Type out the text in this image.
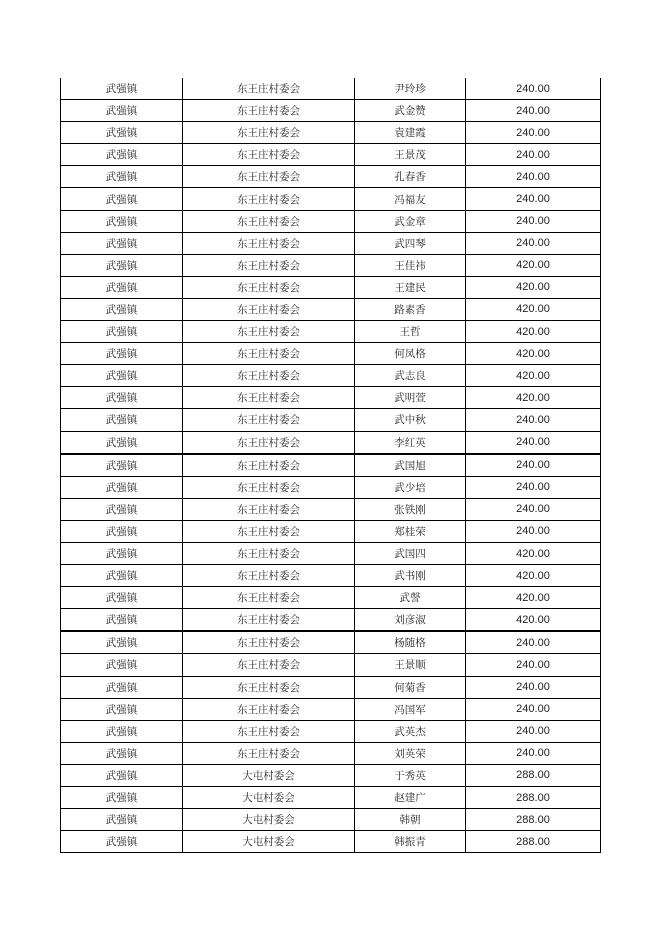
武强镇	东王庄村委会	尹玲珍	240.00
武强镇	东王庄村委会	武金赞	240.00
武强镇	东王庄村委会	袁建霞	240.00
武强镇	东王庄村委会	王景茂	240.00
武强镇	东王庄村委会	孔春香	240.00
武强镇	东王庄村委会	冯福友	240.00
武强镇	东王庄村委会	武金章	240.00
武强镇	东王庄村委会	武四琴	240.00
武强镇	东王庄村委会	王佳祎	420.00
武强镇	东王庄村委会	王建民	420.00
武强镇	东王庄村委会	路素香	420.00
武强镇	东王庄村委会	王哲	420.00
武强镇	东王庄村委会	何凤格	420.00
武强镇	东王庄村委会	武志良	420.00
武强镇	东王庄村委会	武明萱	420.00
武强镇	东王庄村委会	武中秋	240.00
武强镇	东王庄村委会	李红英	240.00
武强镇	东王庄村委会	武国旭	240.00
武强镇	东王庄村委会	武少培	240.00
武强镇	东王庄村委会	张铁刚	240.00
武强镇	东王庄村委会	郑桂荣	240.00
武强镇	东王庄村委会	武国四	420.00
武强镇	东王庄村委会	武书刚	420.00
武强镇	东王庄村委会	武謦	420.00
武强镇	东王庄村委会	刘彦淑	420.00
武强镇	东王庄村委会	杨随格	240.00
武强镇	东王庄村委会	王景顺	240.00
武强镇	东王庄村委会	何菊香	240.00
武强镇	东王庄村委会	冯国军	240.00
武强镇	东王庄村委会	武英杰	240.00
武强镇	东王庄村委会	刘英荣	240.00
武强镇	大屯村委会	于秀英	288.00
武强镇	大屯村委会	赵建广	288.00
武强镇	大屯村委会	韩朝	288.00
武强镇	大屯村委会	韩振青	288.00
